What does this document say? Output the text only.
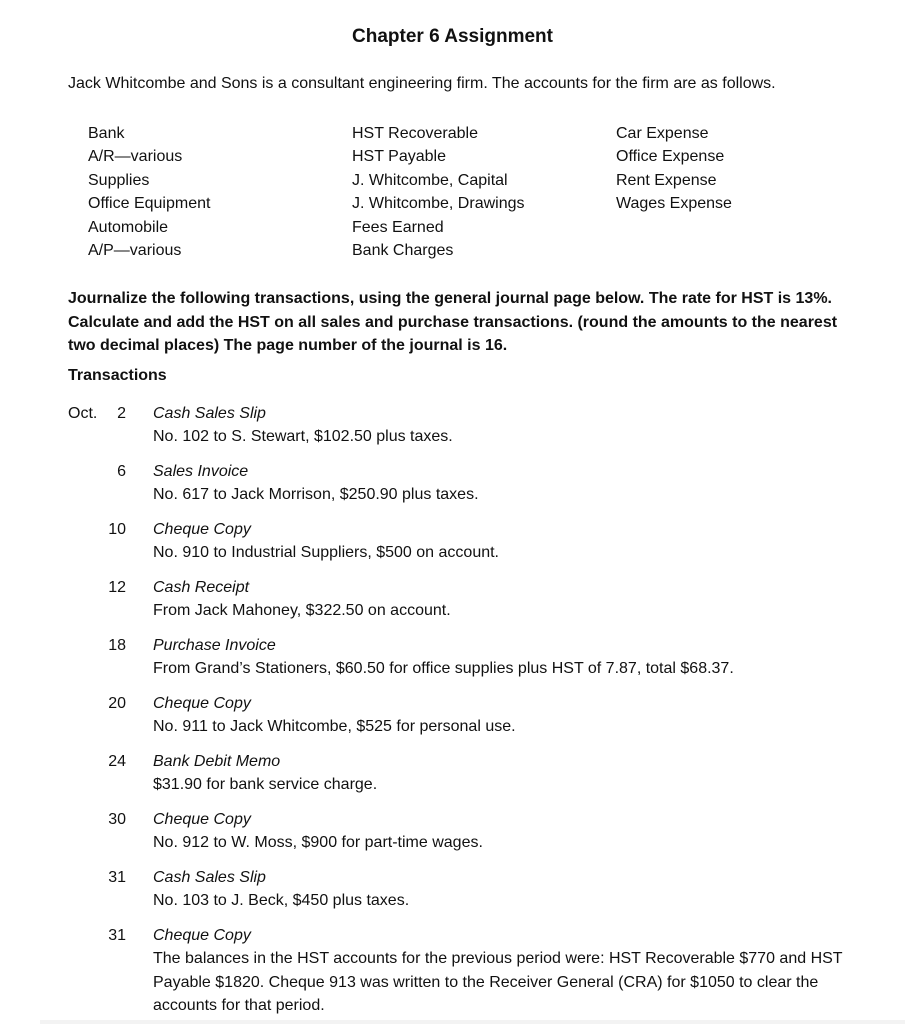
Chapter 6 Assignment
Jack Whitcombe and Sons is a consultant engineering firm. The accounts for the firm are as follows.
Bank
A/R—various
Supplies
Office Equipment
Automobile
A/P—various
HST Recoverable
HST Payable
J. Whitcombe, Capital
J. Whitcombe, Drawings
Fees Earned
Bank Charges
Car Expense
Office Expense
Rent Expense
Wages Expense
Journalize the following transactions, using the general journal page below. The rate for HST is 13%. Calculate and add the HST on all sales and purchase transactions. (round the amounts to the nearest two decimal places) The page number of the journal is 16.
Transactions
Oct.	2 Cash Sales Slip
No. 102 to S. Stewart, $102.50 plus taxes.
6 Sales Invoice
No. 617 to Jack Morrison, $250.90 plus taxes.
10 Cheque Copy
No. 910 to Industrial Suppliers, $500 on account.
12 Cash Receipt
From Jack Mahoney, $322.50 on account.
18 Purchase Invoice
From Grand’s Stationers, $60.50 for office supplies plus HST of 7.87, total $68.37.
20 Cheque Copy
No. 911 to Jack Whitcombe, $525 for personal use.
24 Bank Debit Memo
$31.90 for bank service charge.
30 Cheque Copy
No. 912 to W. Moss, $900 for part-time wages.
31 Cash Sales Slip
No. 103 to J. Beck, $450 plus taxes.
31 Cheque Copy
The balances in the HST accounts for the previous period were: HST Recoverable $770 and HST Payable $1820. Cheque 913 was written to the Receiver General (CRA) for $1050 to clear the accounts for that period.
